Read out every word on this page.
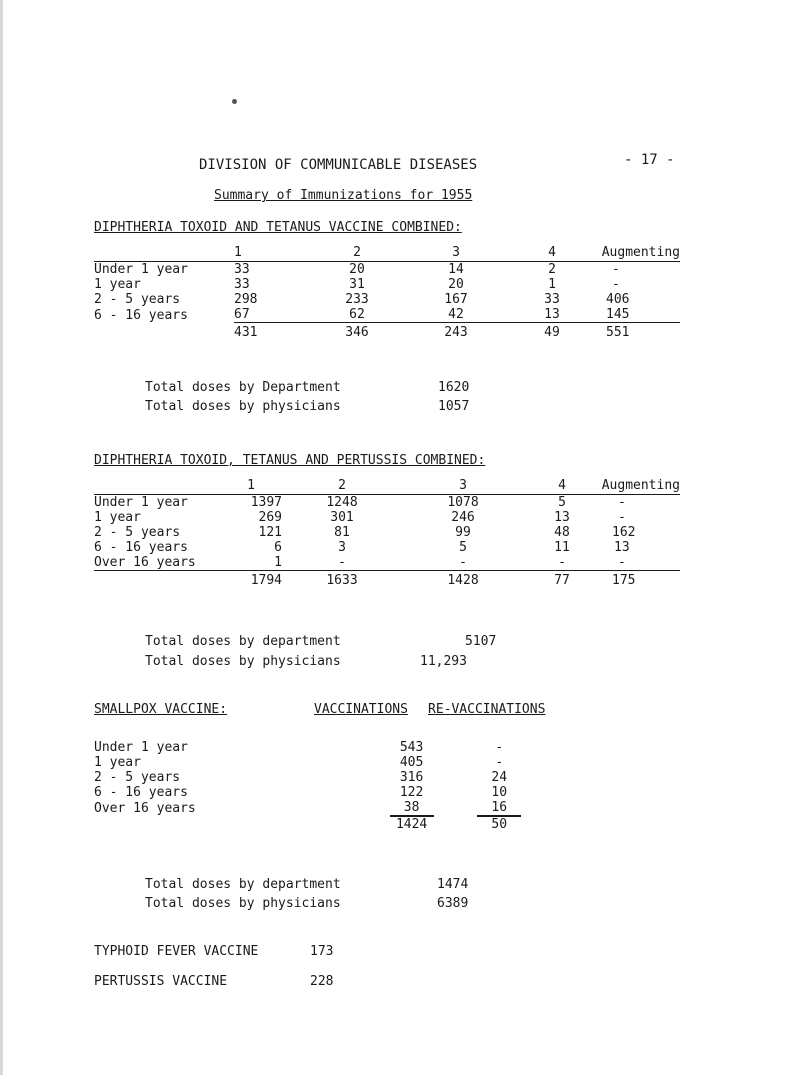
- 17 -
DIVISION OF COMMUNICABLE DISEASES
Summary of Immunizations for 1955
DIPHTHERIA TOXOID AND TETANUS VACCINE COMBINED:
	1	2	3	4	Augmenting
Under 1 year	33	20	14	2	-
1 year	33	31	20	1	-
2 - 5 years	298	233	167	33	406
6 - 16 years	67	62	42	13	145
	431	346	243	49	551
Total doses by Department	1620
Total doses by physicians	1057
DIPHTHERIA TOXOID, TETANUS AND PERTUSSIS COMBINED:
	1	2	3	4	Augmenting
Under 1 year	1397	1248	1078	5	-
1 year	269	301	246	13	-
2 - 5 years	121	81	99	48	162
6 - 16 years	6	3	5	11	13
Over 16 years	1	-	-	-	-
	1794	1633	1428	77	175
Total doses by department	5107
Total doses by physicians	11,293
SMALLPOX VACCINE:	VACCINATIONS RE-VACCINATIONS
Under 1 year	543	-
1 year	405	-
2 - 5 years	316	24
6 - 16 years	122	10
Over 16 years	38	16
	1424	50
Total doses by department	1474
Total doses by physicians	6389
TYPHOID FEVER VACCINE	173
PERTUSSIS VACCINE	228
